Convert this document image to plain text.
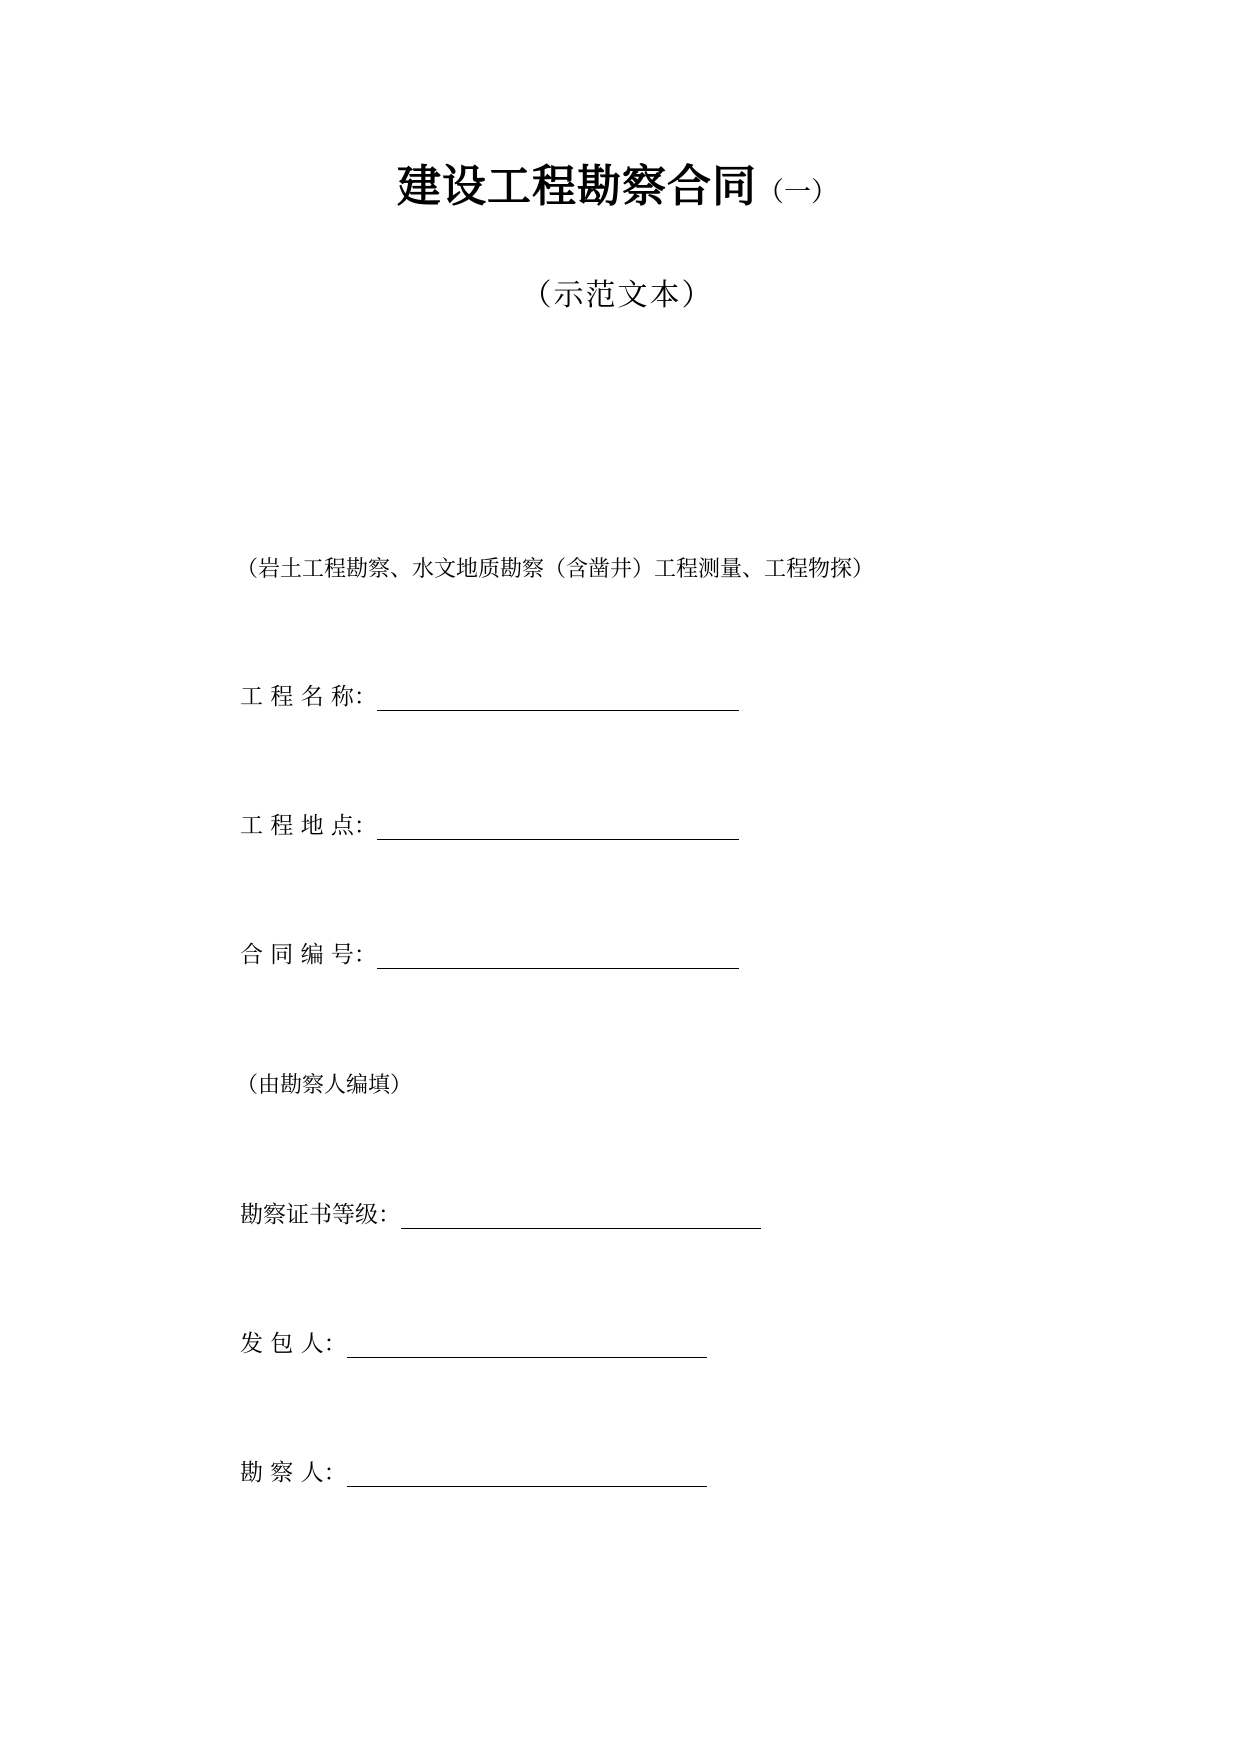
建设工程勘察合同（一）
（示范文本）
（岩土工程勘察、水文地质勘察（含凿井）工程测量、工程物探）
工 程 名 称：
工 程 地 点：
合 同 编 号：
（由勘察人编填）
勘察证书等级：
发 包 人：
勘 察 人：
